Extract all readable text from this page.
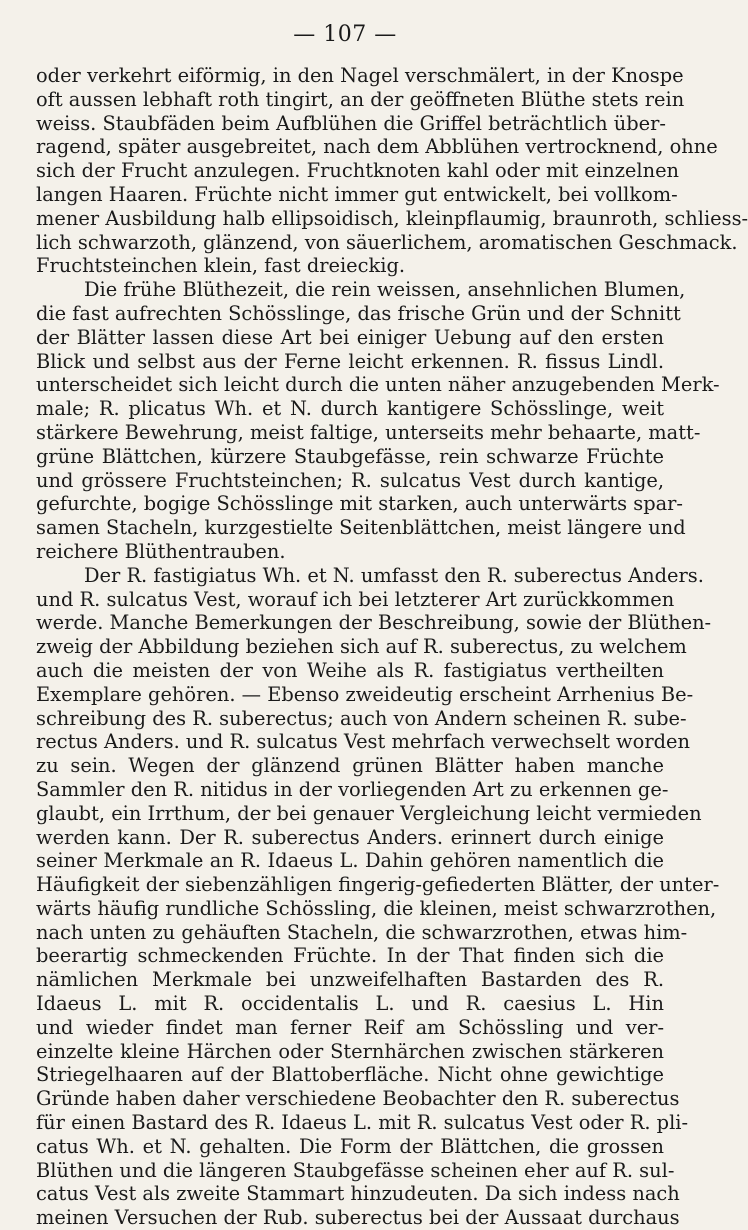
— 107 —
oder verkehrt eiförmig, in den Nagel verschmälert, in der Knospe
oft aussen lebhaft roth tingirt, an der geöffneten Blüthe stets rein
weiss. Staubfäden beim Aufblühen die Griffel beträchtlich über-
ragend, später ausgebreitet, nach dem Abblühen vertrocknend, ohne
sich der Frucht anzulegen. Fruchtknoten kahl oder mit einzelnen
langen Haaren. Früchte nicht immer gut entwickelt, bei vollkom-
mener Ausbildung halb ellipsoidisch, kleinpflaumig, braunroth, schliess-
lich schwarzoth, glänzend, von säuerlichem, aromatischen Geschmack.
Fruchtsteinchen klein, fast dreieckig.
Die frühe Blüthezeit, die rein weissen, ansehnlichen Blumen,
die fast aufrechten Schösslinge, das frische Grün und der Schnitt
der Blätter lassen diese Art bei einiger Uebung auf den ersten
Blick und selbst aus der Ferne leicht erkennen. R. fissus Lindl.
unterscheidet sich leicht durch die unten näher anzugebenden Merk-
male; R. plicatus Wh. et N. durch kantigere Schösslinge, weit
stärkere Bewehrung, meist faltige, unterseits mehr behaarte, matt-
grüne Blättchen, kürzere Staubgefässe, rein schwarze Früchte
und grössere Fruchtsteinchen; R. sulcatus Vest durch kantige,
gefurchte, bogige Schösslinge mit starken, auch unterwärts spar-
samen Stacheln, kurzgestielte Seitenblättchen, meist längere und
reichere Blüthentrauben.
Der R. fastigiatus Wh. et N. umfasst den R. suberectus Anders.
und R. sulcatus Vest, worauf ich bei letzterer Art zurückkommen
werde. Manche Bemerkungen der Beschreibung, sowie der Blüthen-
zweig der Abbildung beziehen sich auf R. suberectus, zu welchem
auch die meisten der von Weihe als R. fastigiatus vertheilten
Exemplare gehören. — Ebenso zweideutig erscheint Arrhenius Be-
schreibung des R. suberectus; auch von Andern scheinen R. sube-
rectus Anders. und R. sulcatus Vest mehrfach verwechselt worden
zu sein. Wegen der glänzend grünen Blätter haben manche
Sammler den R. nitidus in der vorliegenden Art zu erkennen ge-
glaubt, ein Irrthum, der bei genauer Vergleichung leicht vermieden
werden kann. Der R. suberectus Anders. erinnert durch einige
seiner Merkmale an R. Idaeus L. Dahin gehören namentlich die
Häufigkeit der siebenzähligen fingerig-gefiederten Blätter, der unter-
wärts häufig rundliche Schössling, die kleinen, meist schwarzrothen,
nach unten zu gehäuften Stacheln, die schwarzrothen, etwas him-
beerartig schmeckenden Früchte. In der That finden sich die
nämlichen Merkmale bei unzweifelhaften Bastarden des R.
Idaeus L. mit R. occidentalis L. und R. caesius L. Hin
und wieder findet man ferner Reif am Schössling und ver-
einzelte kleine Härchen oder Sternhärchen zwischen stärkeren
Striegelhaaren auf der Blattoberfläche. Nicht ohne gewichtige
Gründe haben daher verschiedene Beobachter den R. suberectus
für einen Bastard des R. Idaeus L. mit R. sulcatus Vest oder R. pli-
catus Wh. et N. gehalten. Die Form der Blättchen, die grossen
Blüthen und die längeren Staubgefässe scheinen eher auf R. sul-
catus Vest als zweite Stammart hinzudeuten. Da sich indess nach
meinen Versuchen der Rub. suberectus bei der Aussaat durchaus
